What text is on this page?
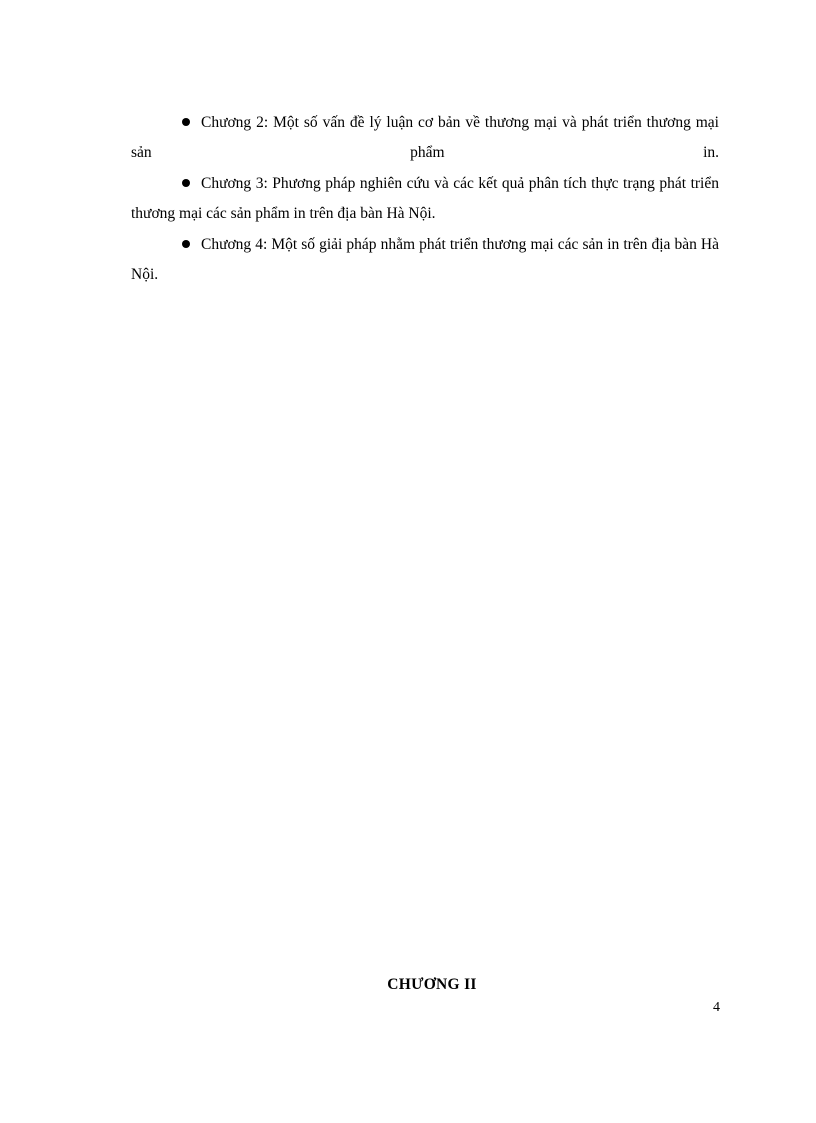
Chương 2: Một số vấn đề lý luận cơ bản về thương mại và phát triển thương mại sản phẩm in.

Chương 3: Phương pháp nghiên cứu và các kết quả phân tích thực trạng phát triển thương mại các sản phẩm in trên địa bàn Hà Nội.

Chương 4: Một số giải pháp nhằm phát triển thương mại các sản in trên địa bàn Hà Nội.

CHƯƠNG II
4
